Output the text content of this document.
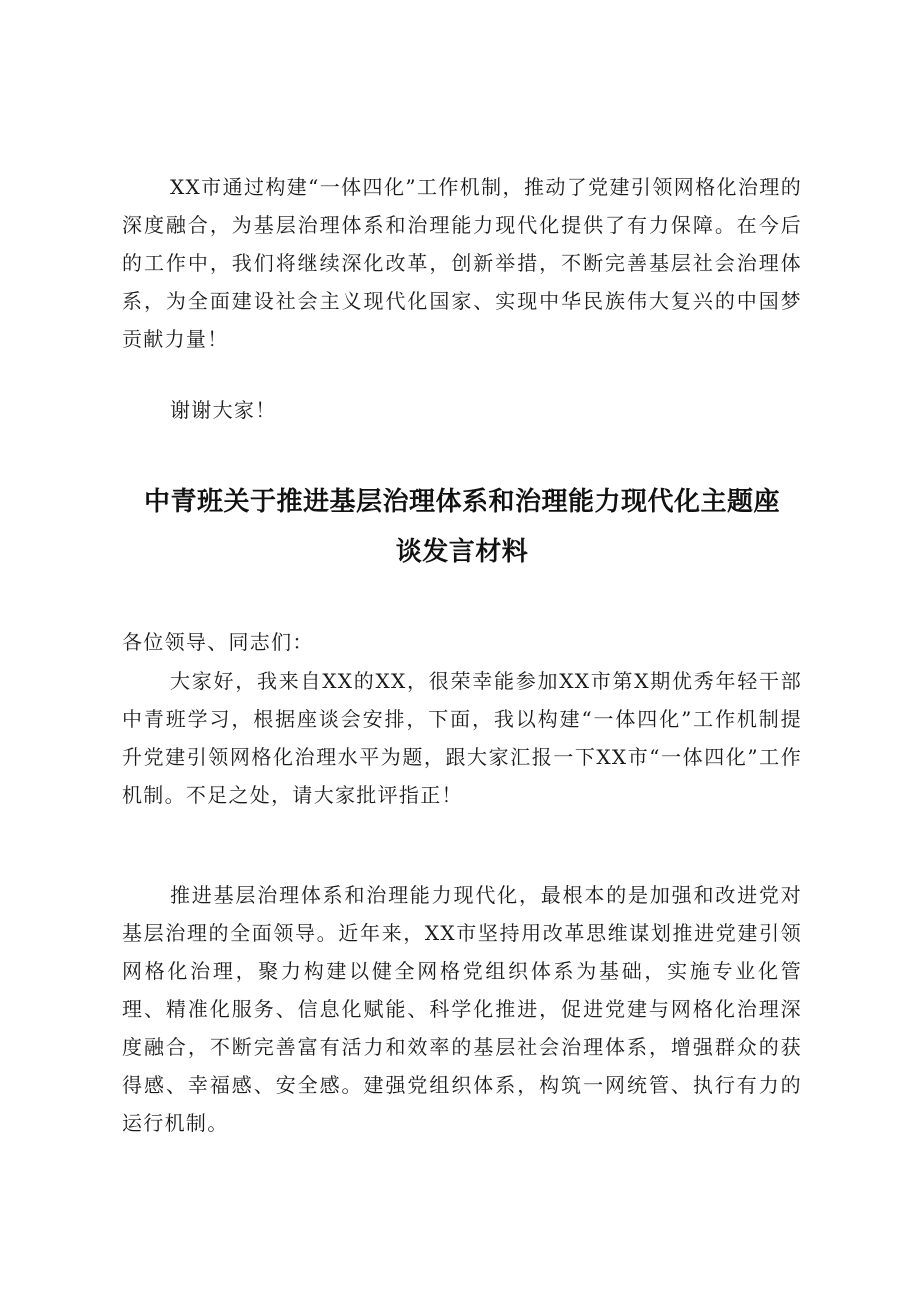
XX市通过构建“一体四化”工作机制，推动了党建引领网格化治理的深度融合，为基层治理体系和治理能力现代化提供了有力保障。在今后的工作中，我们将继续深化改革，创新举措，不断完善基层社会治理体系，为全面建设社会主义现代化国家、实现中华民族伟大复兴的中国梦贡献力量！

谢谢大家！
中青班关于推进基层治理体系和治理能力现代化主题座
谈发言材料
各位领导、同志们：

大家好，我来自XX的XX，很荣幸能参加XX市第X期优秀年轻干部中青班学习，根据座谈会安排，下面，我以构建“一体四化”工作机制提升党建引领网格化治理水平为题，跟大家汇报一下XX市“一体四化”工作机制。不足之处，请大家批评指正！

推进基层治理体系和治理能力现代化，最根本的是加强和改进党对基层治理的全面领导。近年来，XX市坚持用改革思维谋划推进党建引领网格化治理，聚力构建以健全网格党组织体系为基础，实施专业化管理、精准化服务、信息化赋能、科学化推进，促进党建与网格化治理深度融合，不断完善富有活力和效率的基层社会治理体系，增强群众的获得感、幸福感、安全感。建强党组织体系，构筑一网统管、执行有力的运行机制。
